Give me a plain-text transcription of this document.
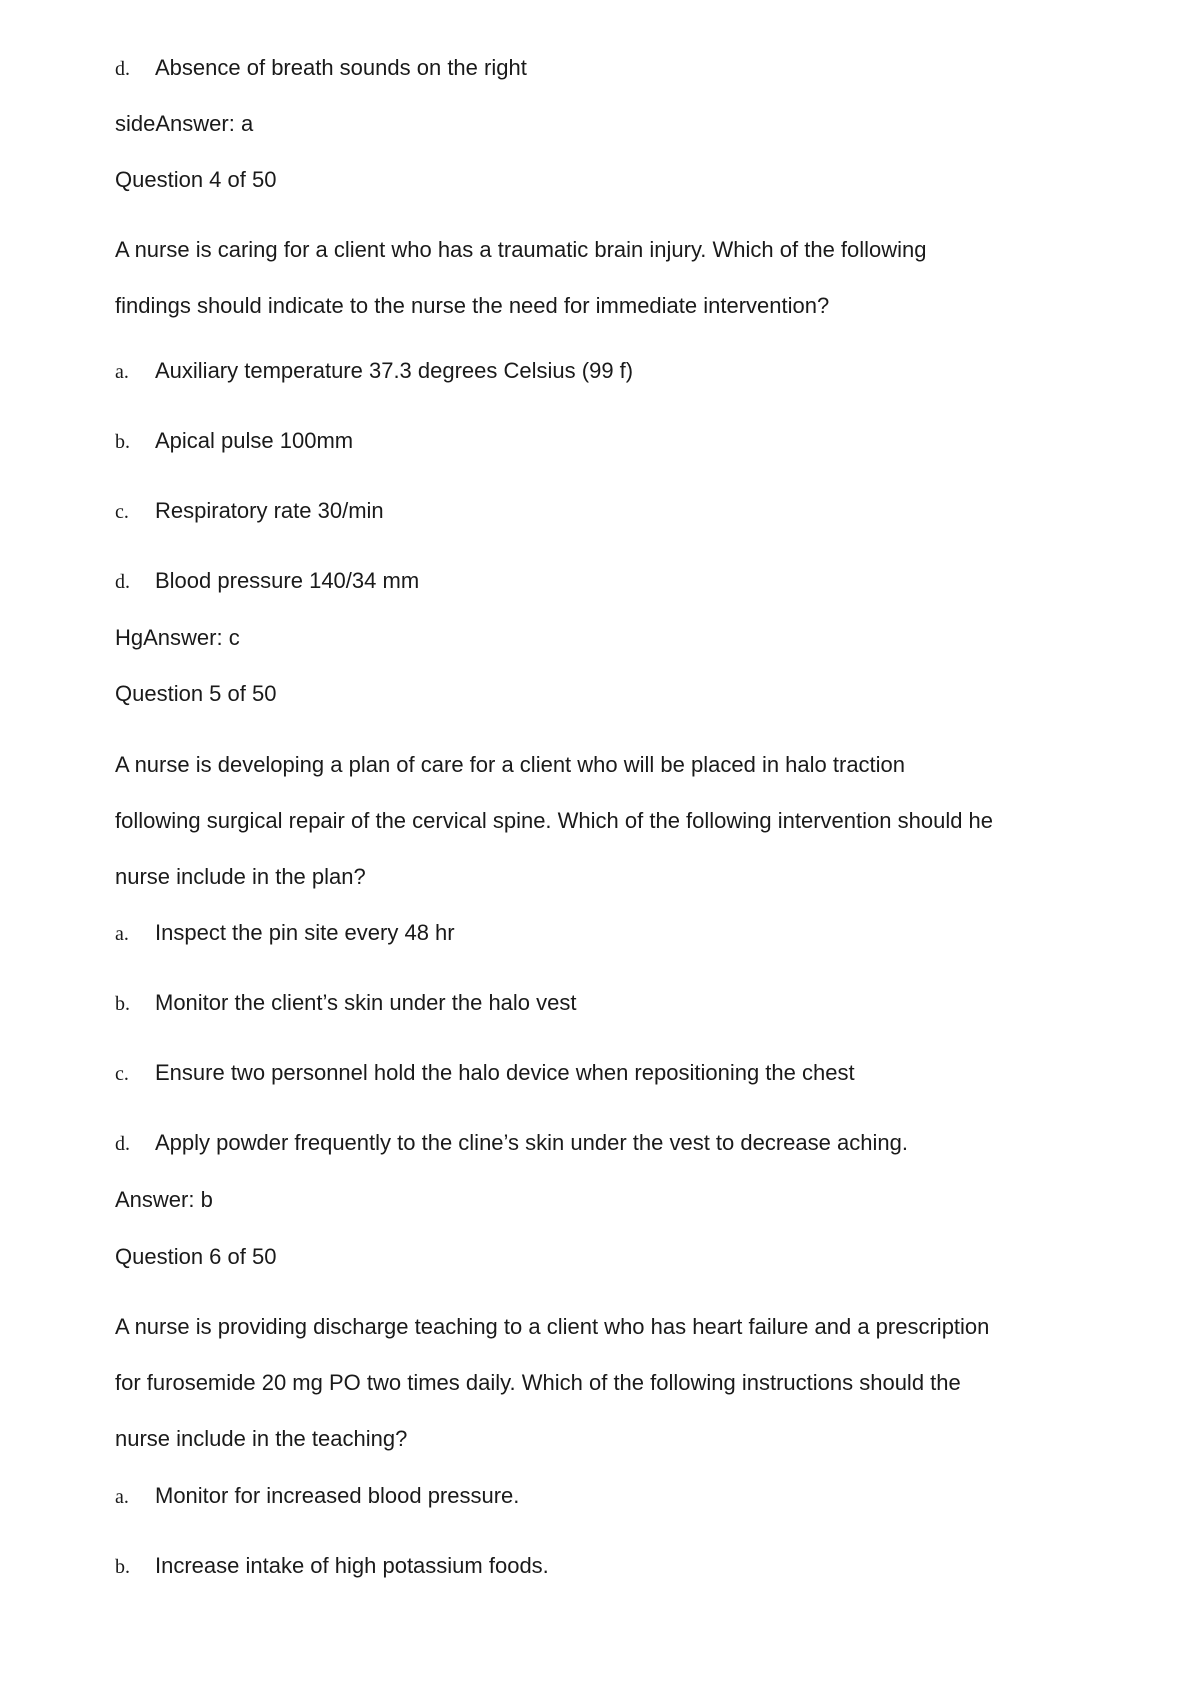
d. Absence of breath sounds on the right
sideAnswer: a
Question 4 of 50
A nurse is caring for a client who has a traumatic brain injury. Which of the following
findings should indicate to the nurse the need for immediate intervention?
a. Auxiliary temperature 37.3 degrees Celsius (99 f)
b. Apical pulse 100mm
c. Respiratory rate 30/min
d. Blood pressure 140/34 mm
HgAnswer: c
Question 5 of 50
A nurse is developing a plan of care for a client who will be placed in halo traction
following surgical repair of the cervical spine. Which of the following intervention should he
nurse include in the plan?
a. Inspect the pin site every 48 hr
b. Monitor the client’s skin under the halo vest
c. Ensure two personnel hold the halo device when repositioning the chest
d. Apply powder frequently to the cline’s skin under the vest to decrease aching.
Answer: b
Question 6 of 50
A nurse is providing discharge teaching to a client who has heart failure and a prescription
for furosemide 20 mg PO two times daily. Which of the following instructions should the
nurse include in the teaching?
a. Monitor for increased blood pressure.
b. Increase intake of high potassium foods.
